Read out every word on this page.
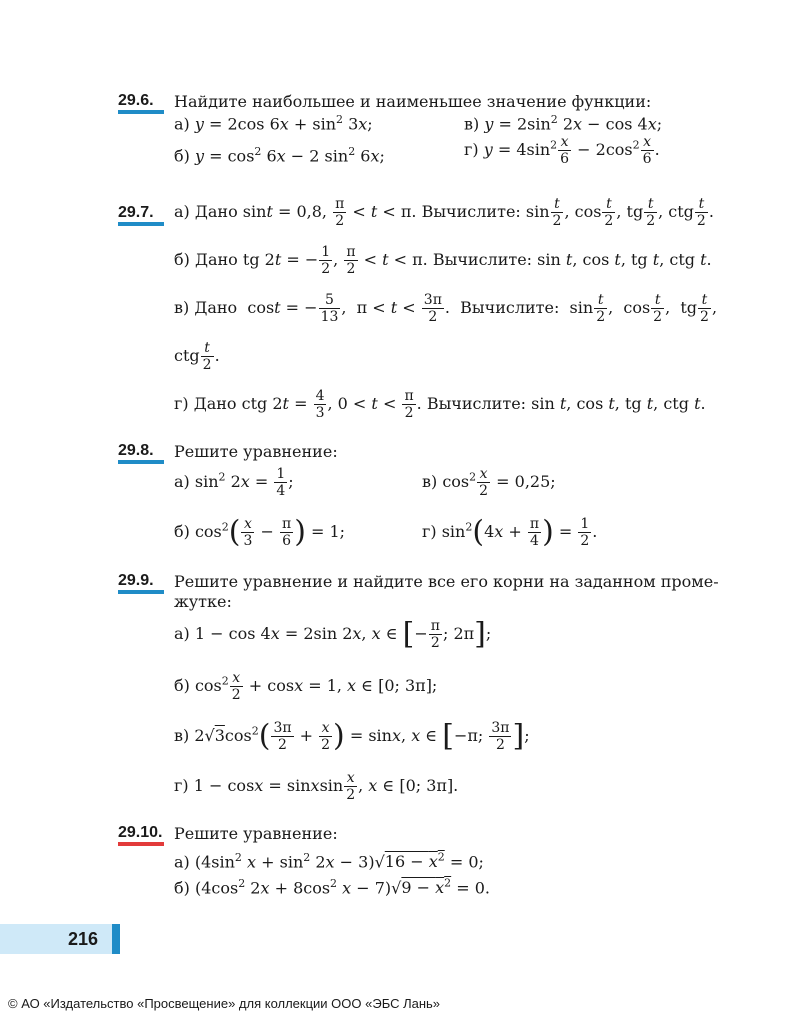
29.6. Найдите наибольшее и наименьшее значение функции:
а) y = 2cos $6x + \sin^2 3x$;	в) $y = 2\sin^2$ 2x − cos 4x;
б) $y = \cos^2 6x - 2$ $\sin^2 6x$;	г) $y = 4\sin^2 \frac{x}{6} - 2\cos^2 \frac{x}{6}$ .
29.7. а) Дано sint = 0,8, $\frac{\pi}{2} < t < \pi$. Вычислите: $\sin \frac{t}{2}$ , $\cos \frac{t}{2}$ , tg $\frac{t}{2}$ , ctg $\frac{t}{2}$ .
б) Дано tg 2t = − $\frac{1}{2}$ , $\frac{\pi}{2} < t < \pi$. Вычислите: sin t, cos t, tg t, ctg t.
в) Дано  cost = − $\frac{5}{13}$ ,  $\pi < t < \frac{3\pi}{2}$ .  Вычислите:  $\sin \frac{t}{2}$ ,  $\cos \frac{t}{2}$ ,  tg $\frac{t}{2}$ ,
ctg $\frac{t}{2}$ .
г) Дано ctg $2t = \frac{4}{3}$ , $0 < t < \frac{\pi}{2}$ . Вычислите: sin t, cos t, tg t, ctg t.
29.8. Решите уравнение:
а) $\sin^2 2x = \frac{1}{4}$ ;	в) $\cos^2 \frac{x}{2} = 0,25$;
б) $\cos^2( \frac{x}{3} - \frac{\pi}{6}$ ) = 1;	г) $\sin^2(4x + \frac{\pi}{4}$ ) = $\frac{1}{2}$ .
29.9. Решите уравнение и найдите все его корни на заданном проме-
жутке:
а) 1 − cos 4x = 2sin 2x, x ∈ [− $\frac{\pi}{2}$ ; 2π];
б) $\cos^2 \frac{x}{2} + \cos x = 1$, x ∈ [0; 3π];
в) $2√3\cos^2( \frac{3\pi}{2} + \frac{x}{2}$ ) = sinx, x ∈ [−π; $\frac{3\pi}{2}$ ];
г) 1 − cosx = sinxsin $\frac{x}{2}$ , x ∈ [0; 3π].
29.10. Решите уравнение:
а) ($4\sin^2$ $x + \sin^2 2x - 3)√16 - x^2 = 0$;
б) ($4\cos^2$ $2x + 8\cos^2$ $x - 7)√9 - x^2 = 0$.
216
© АО «Издательство «Просвещение» для коллекции ООО «ЭБС Лань»
